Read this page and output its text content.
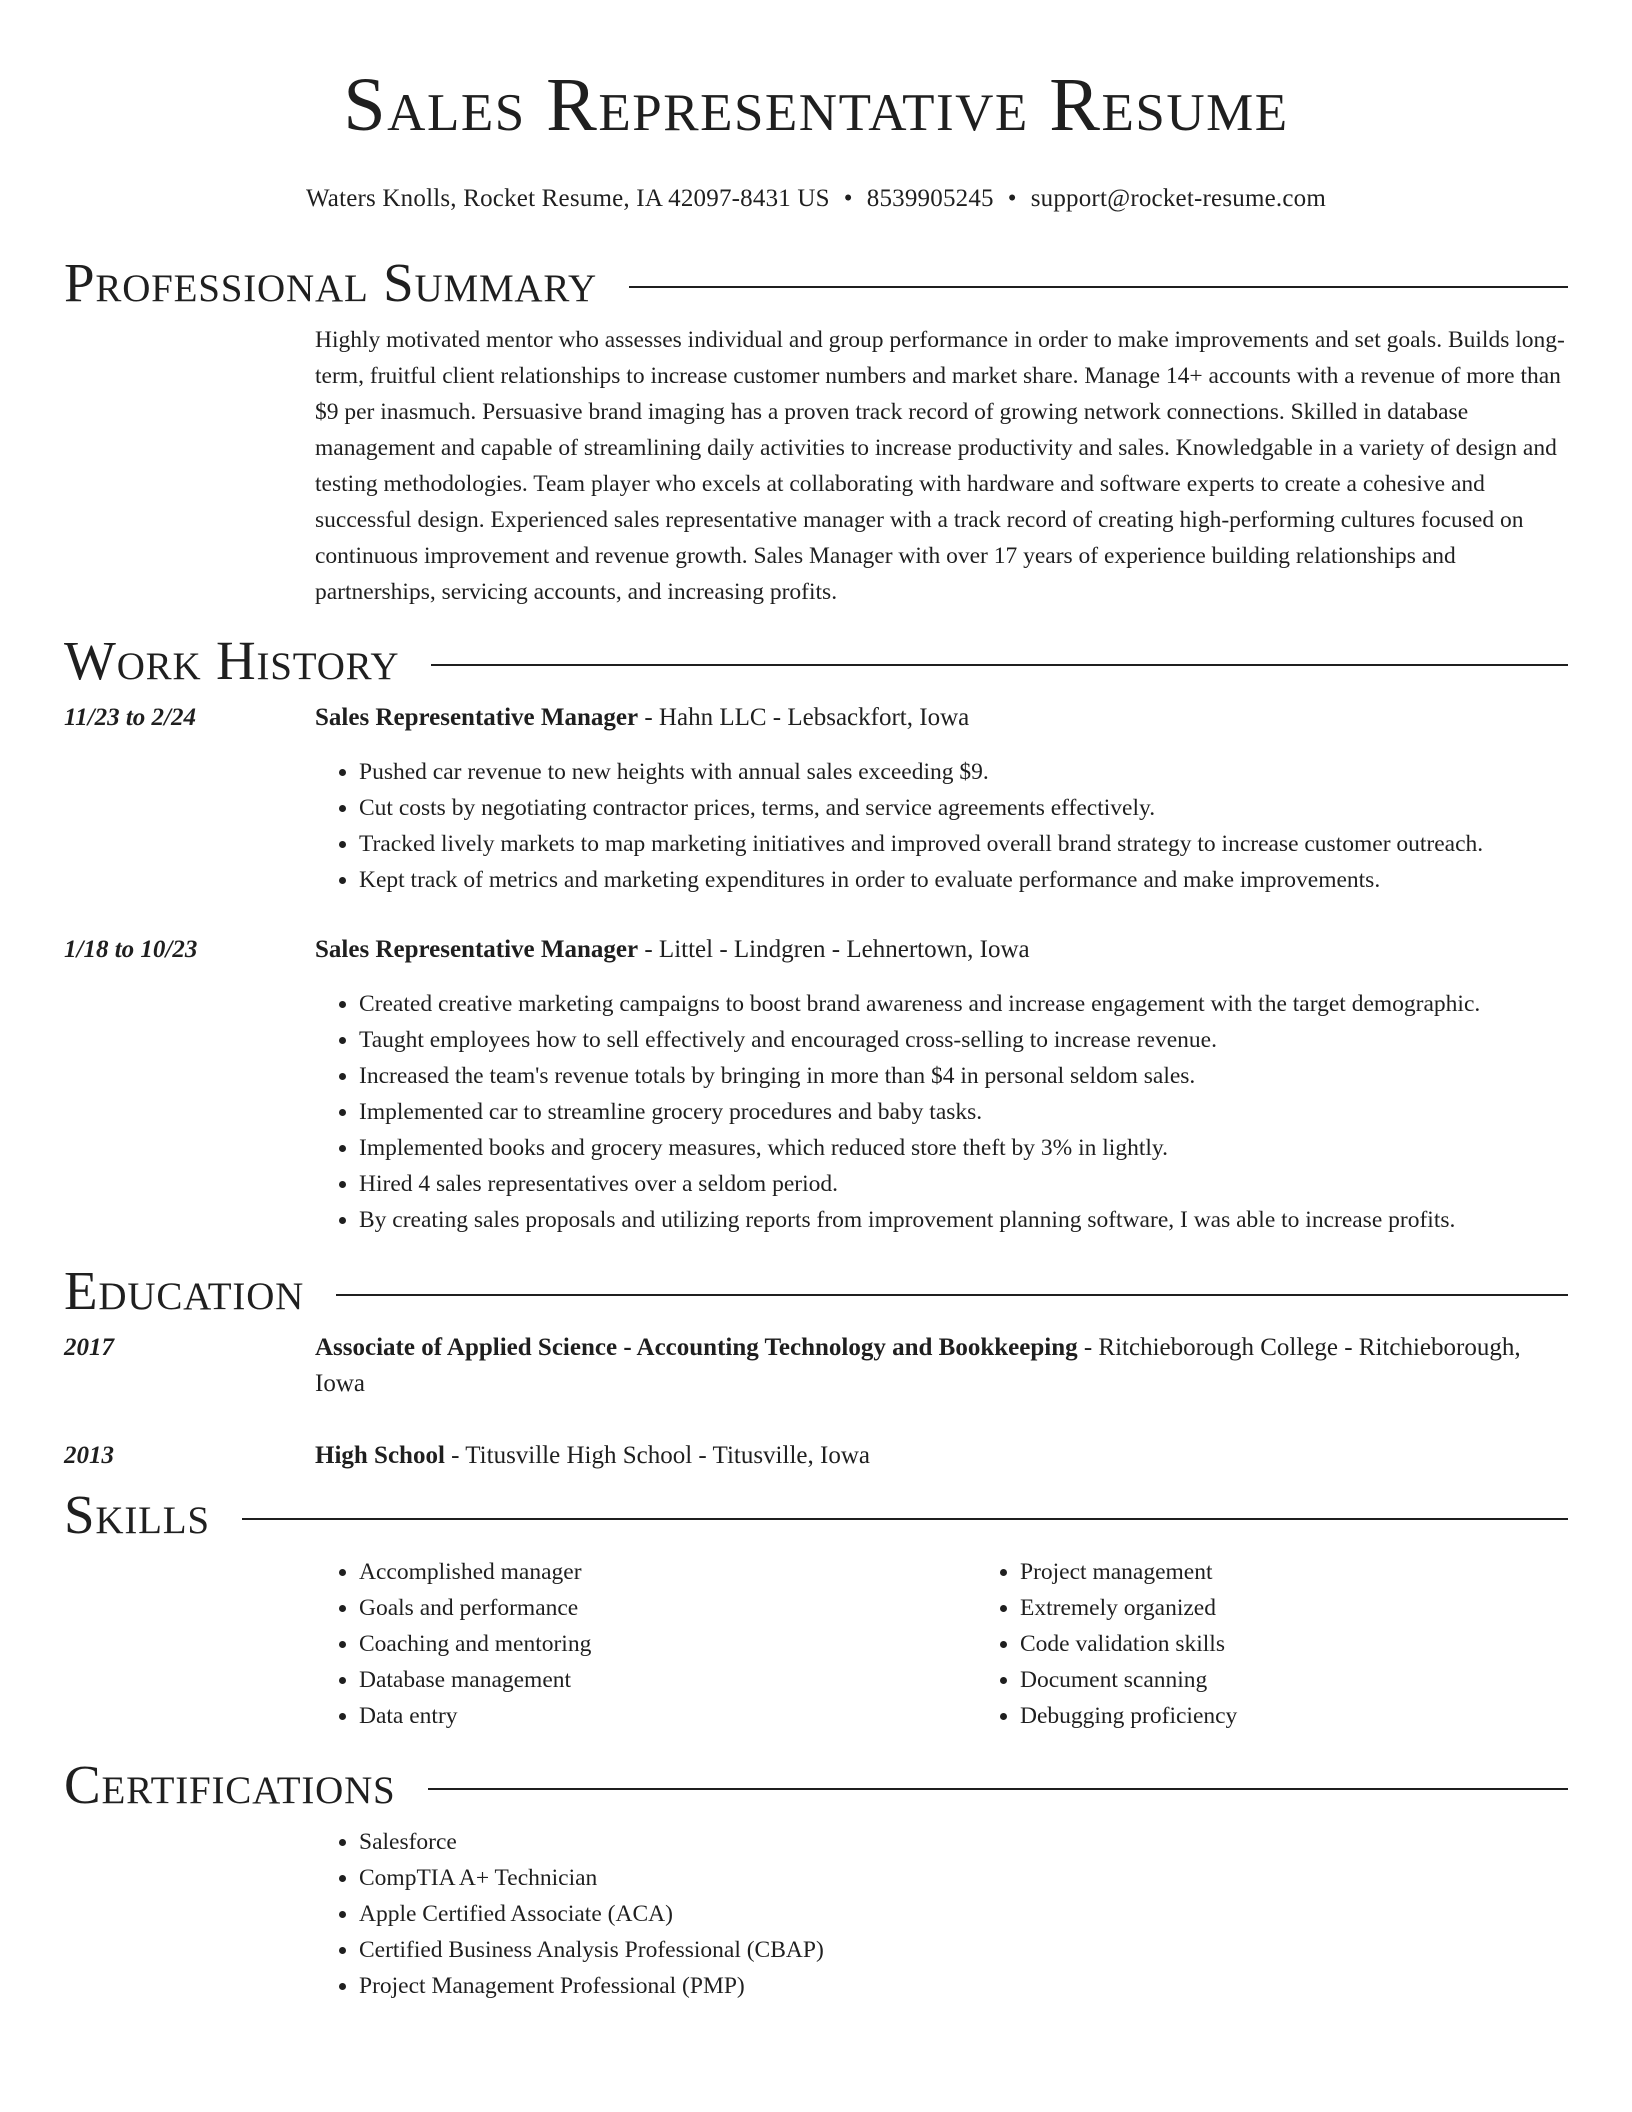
Sales Representative Resume
Waters Knolls, Rocket Resume, IA 42097-8431 US • 8539905245 • support@rocket-resume.com
Professional Summary

Highly motivated mentor who assesses individual and group performance in order to make improvements and set goals. Builds long-term, fruitful client relationships to increase customer numbers and market share. Manage 14+ accounts with a revenue of more than $9 per inasmuch. Persuasive brand imaging has a proven track record of growing network connections. Skilled in database management and capable of streamlining daily activities to increase productivity and sales. Knowledgable in a variety of design and testing methodologies. Team player who excels at collaborating with hardware and software experts to create a cohesive and successful design. Experienced sales representative manager with a track record of creating high-performing cultures focused on continuous improvement and revenue growth. Sales Manager with over 17 years of experience building relationships and partnerships, servicing accounts, and increasing profits.

Work History
11/23 to 2/24	Sales Representative Manager - Hahn LLC - Lebsackfort, Iowa
• Pushed car revenue to new heights with annual sales exceeding $9.
• Cut costs by negotiating contractor prices, terms, and service agreements effectively.
• Tracked lively markets to map marketing initiatives and improved overall brand strategy to increase customer outreach.
• Kept track of metrics and marketing expenditures in order to evaluate performance and make improvements.
1/18 to 10/23	Sales Representative Manager - Littel - Lindgren - Lehnertown, Iowa
• Created creative marketing campaigns to boost brand awareness and increase engagement with the target demographic.
• Taught employees how to sell effectively and encouraged cross-selling to increase revenue.
• Increased the team's revenue totals by bringing in more than $4 in personal seldom sales.
• Implemented car to streamline grocery procedures and baby tasks.
• Implemented books and grocery measures, which reduced store theft by 3% in lightly.
• Hired 4 sales representatives over a seldom period.
• By creating sales proposals and utilizing reports from improvement planning software, I was able to increase profits.
Education
2017	Associate of Applied Science - Accounting Technology and Bookkeeping - Ritchieborough College - Ritchieborough, Iowa
2013	High School - Titusville High School - Titusville, Iowa
Skills
• Accomplished manager
• Goals and performance
• Coaching and mentoring
• Database management
• Data entry
• Project management
• Extremely organized
• Code validation skills
• Document scanning
• Debugging proficiency
Certifications
• Salesforce
• CompTIA A+ Technician
• Apple Certified Associate (ACA)
• Certified Business Analysis Professional (CBAP)
• Project Management Professional (PMP)
